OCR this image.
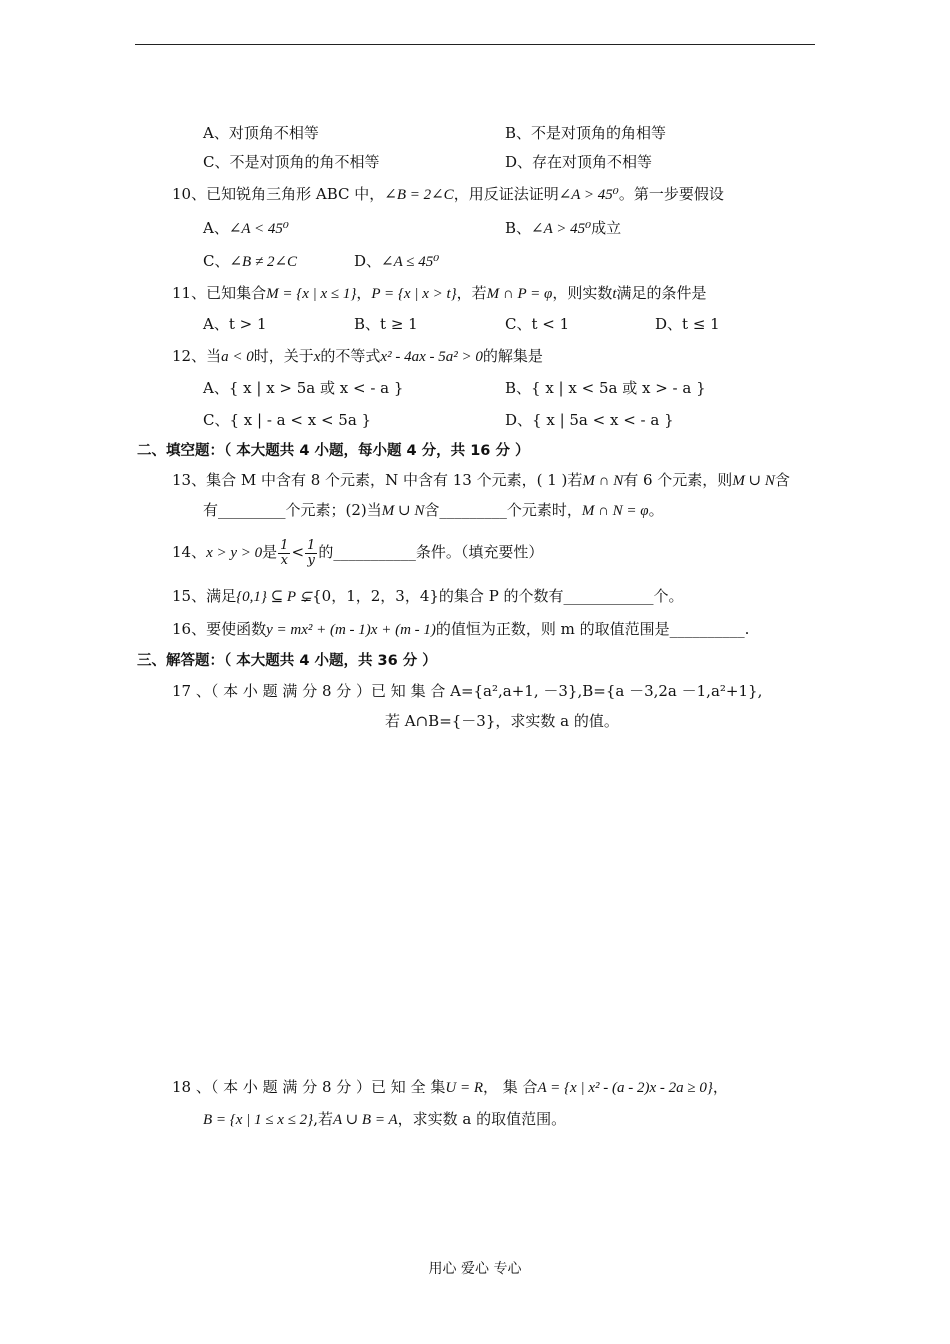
A、对顶角不相等	B、不是对顶角的角相等
C、不是对顶角的角不相等	D、存在对顶角不相等
10、已知锐角三角形 ABC 中，∠B = 2∠C，用反证法证明∠A > 45⁰。第一步要假设
A、∠A < 45⁰	B、∠A > 45⁰成立
C、∠B ≠ 2∠C	D、∠A ≤ 45⁰
11、已知集合M = {x | x ≤ 1}，P = {x | x > t}，若M ∩ P = φ，则实数t满足的条件是
A、t > 1	B、t ≥ 1	C、t < 1	D、t ≤ 1
12、当a < 0时，关于x的不等式x² - 4ax - 5a² > 0的解集是
A、{ x | x > 5a 或 x < - a }	B、{ x | x < 5a 或 x > - a }
C、{ x | - a < x < 5a }	D、{ x | 5a < x < - a }
二、填空题：（ 本大题共 4 小题，每小题 4 分，共 16 分 ）
13、集合 M 中含有 8 个元素，N 中含有 13 个元素，( 1 )若M ∩ N有 6 个元素，则M ∪ N含
有_________个元素；(2)当M ∪ N含_________个元素时，M ∩ N = φ。
14、x > y > 0是 $\frac{1}{x} < \frac{1}{y}$ 的___________条件。（填充要性）
15、满足{0,1} ⊆ P ⊊{0，1，2，3，4}的集合 P 的个数有____________个。
16、要使函数y = mx² + (m - 1)x + (m - 1)的值恒为正数，则 m 的取值范围是__________.
三、解答题：（ 本大题共 4 小题，共 36 分 ）
17 、（ 本 小 题 满 分 8 分 ）已 知 集 合 A={a²,a+1, －3},B={a －3,2a －1,a²+1},
若 A∩B={－3}，求实数 a 的值。
18 、（ 本 小 题 满 分 8 分 ）已 知 全 集U = R， 集 合A = {x | x² - (a - 2)x - 2a ≥ 0}，
B = {x | 1 ≤ x ≤ 2},若A ∪ B = A，求实数 a 的取值范围。
用心 爱心 专心
